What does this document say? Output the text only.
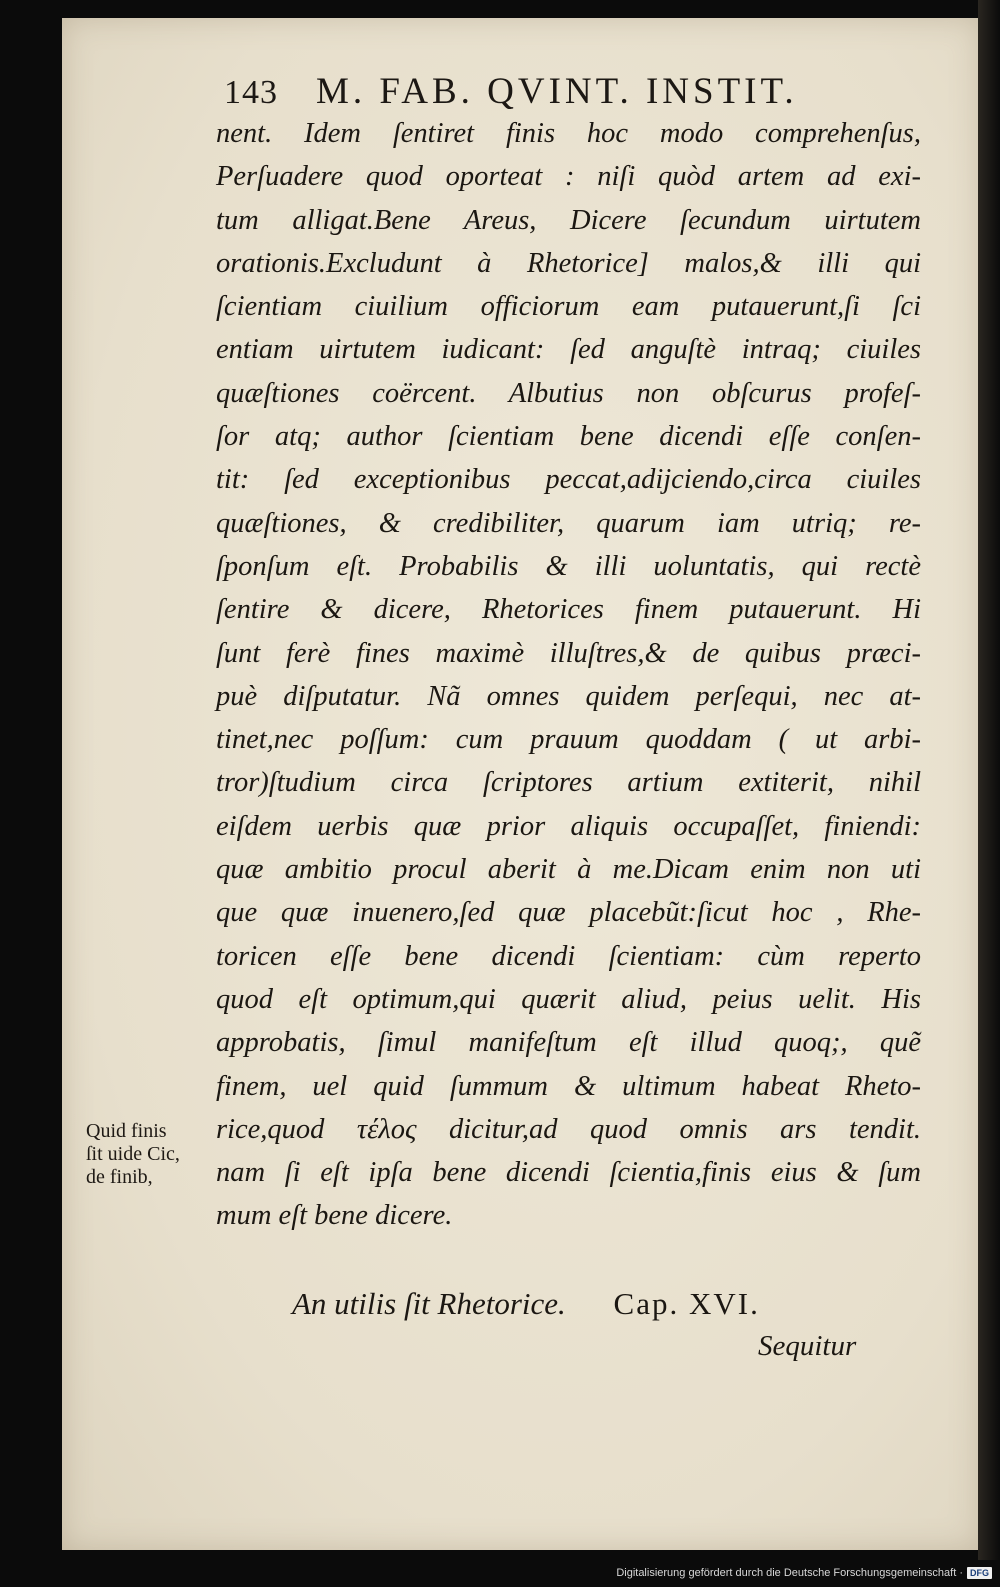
143 M. FAB. QVINT. INSTIT.
nent. Idem ſentiret finis hoc modo comprehenſus,
Perſuadere quod oporteat : niſi quòd artem ad exi-
tum alligat.Bene Areus, Dicere ſecundum uirtutem
orationis.Excludunt à Rhetorice] malos,& illi qui
ſcientiam ciuilium officiorum eam putauerunt,ſi ſci
entiam uirtutem iudicant: ſed anguſtè intraq; ciuiles
quæſtiones coërcent. Albutius non obſcurus profeſ-
ſor atq; author ſcientiam bene dicendi eſſe conſen-
tit: ſed exceptionibus peccat,adijciendo,circa ciuiles
quæſtiones, & credibiliter, quarum iam utriq; re-
ſponſum eſt. Probabilis & illi uoluntatis, qui rectè
ſentire & dicere, Rhetorices finem putauerunt. Hi
ſunt ferè fines maximè illuſtres,& de quibus præci-
puè diſputatur. Nã omnes quidem perſequi, nec at-
tinet,nec poſſum: cum prauum quoddam ( ut arbi-
tror)ſtudium circa ſcriptores artium extiterit, nihil
eiſdem uerbis quæ prior aliquis occupaſſet, finiendi:
quæ ambitio procul aberit à me.Dicam enim non uti
que quæ inuenero,ſed quæ placebũt:ſicut hoc , Rhe-
toricen eſſe bene dicendi ſcientiam: cùm reperto
quod eſt optimum,qui quærit aliud, peius uelit. His
approbatis, ſimul manifeſtum eſt illud quoq;, quẽ
finem, uel quid ſummum & ultimum habeat Rheto-
rice,quod τέλος dicitur,ad quod omnis ars tendit.
nam ſi eſt ipſa bene dicendi ſcientia,finis eius & ſum
mum eſt bene dicere.
Quid finis
ſit uide Cic,
de finib,
An utilis ſit Rhetorice. Cap. XVI.
Sequitur
Digitalisierung gefördert durch die Deutsche Forschungsgemeinschaft · DFG
